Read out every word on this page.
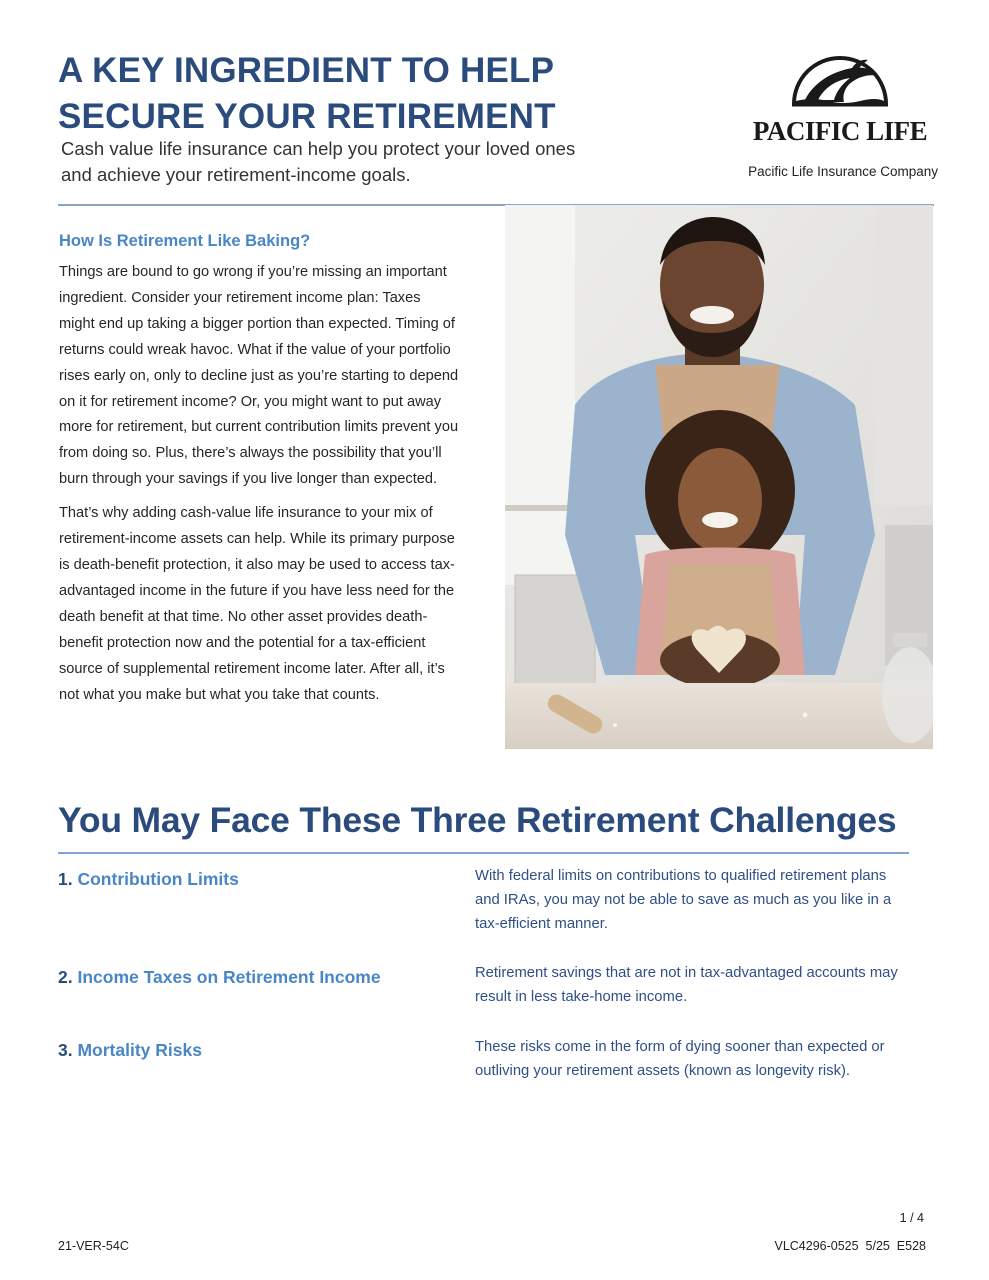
A KEY INGREDIENT TO HELP
SECURE YOUR RETIREMENT

Cash value life insurance can help you protect your loved ones and achieve your retirement-income goals.

PACIFIC LIFE
Pacific Life Insurance Company
How Is Retirement Like Baking?

Things are bound to go wrong if you’re missing an important ingredient. Consider your retirement income plan: Taxes might end up taking a bigger portion than expected. Timing of returns could wreak havoc. What if the value of your portfolio rises early on, only to decline just as you’re starting to depend on it for retirement income? Or, you might want to put away more for retirement, but current contribution limits prevent you from doing so. Plus, there’s always the possibility that you’ll burn through your savings if you live longer than expected.

That’s why adding cash-value life insurance to your mix of retirement-income assets can help. While its primary purpose is death-benefit protection, it also may be used to access tax-advantaged income in the future if you have less need for the death benefit at that time. No other asset provides death-benefit protection now and the potential for a tax-efficient source of supplemental retirement income later. After all, it’s not what you make but what you take that counts.

You May Face These Three Retirement Challenges
1. Contribution Limits	With federal limits on contributions to qualified retirement plans and IRAs, you may not be able to save as much as you like in a tax-efficient manner.

2. Income Taxes on Retirement Income	Retirement savings that are not in tax-advantaged accounts may result in less take-home income.

3. Mortality Risks	These risks come in the form of dying sooner than expected or outliving your retirement assets (known as longevity risk).

1 / 4
21-VER-54C	VLC4296-0525  5/25  E528
